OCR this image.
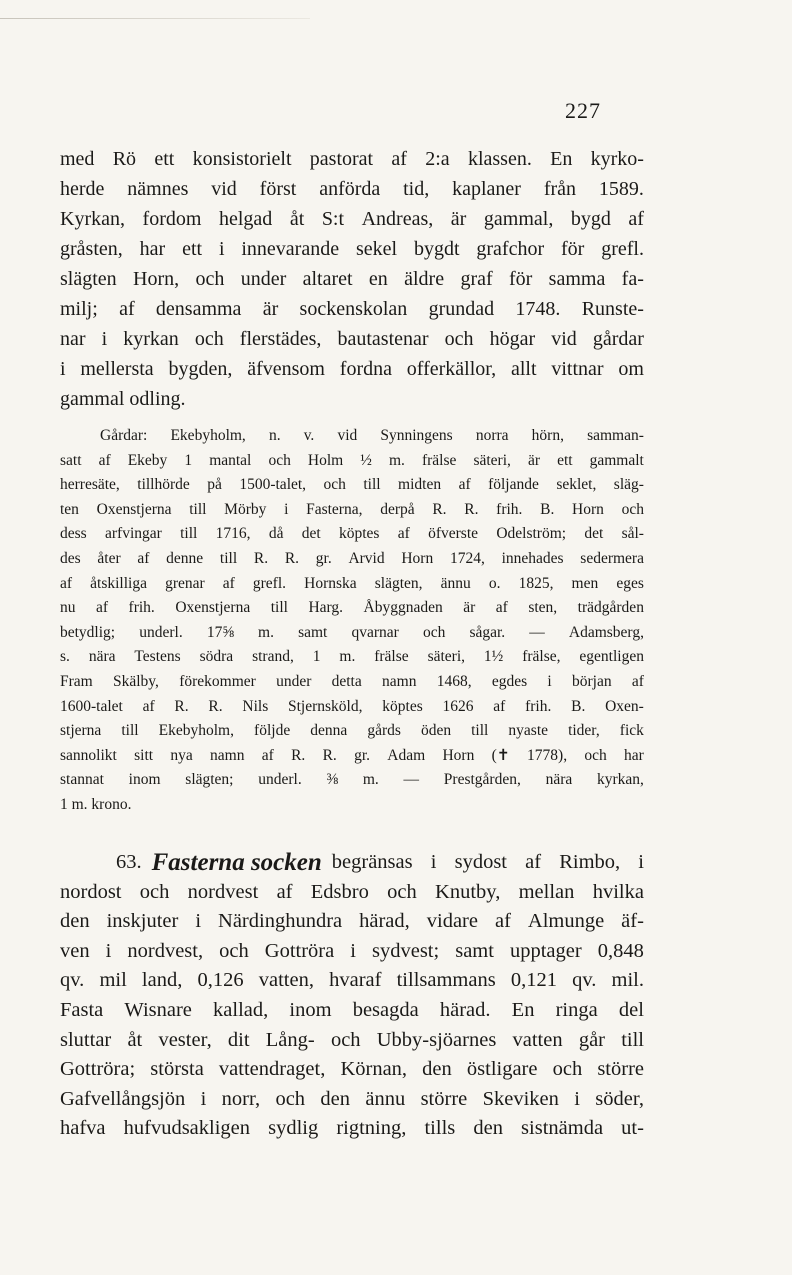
227
med Rö ett konsistorielt pastorat af 2:a klassen. En kyrko-
herde nämnes vid först anförda tid, kaplaner från 1589.
Kyrkan, fordom helgad åt S:t Andreas, är gammal, bygd af
gråsten, har ett i innevarande sekel bygdt grafchor för grefl.
slägten Horn, och under altaret en äldre graf för samma fa-
milj; af densamma är sockenskolan grundad 1748. Runste-
nar i kyrkan och flerstädes, bautastenar och högar vid gårdar
i mellersta bygden, äfvensom fordna offerkällor, allt vittnar om
gammal odling.
Gårdar: Ekebyholm, n. v. vid Synningens norra hörn, samman-
satt af Ekeby 1 mantal och Holm ½ m. frälse säteri, är ett gammalt
herresäte, tillhörde på 1500-talet, och till midten af följande seklet, släg-
ten Oxenstjerna till Mörby i Fasterna, derpå R. R. frih. B. Horn och
dess arfvingar till 1716, då det köptes af öfverste Odelström; det sål-
des åter af denne till R. R. gr. Arvid Horn 1724, innehades sedermera
af åtskilliga grenar af grefl. Hornska slägten, ännu o. 1825, men eges
nu af frih. Oxenstjerna till Harg. Åbyggnaden är af sten, trädgården
betydlig; underl. 17⅝ m. samt qvarnar och sågar. — Adamsberg,
s. nära Testens södra strand, 1 m. frälse säteri, 1½ frälse, egentligen
Fram Skälby, förekommer under detta namn 1468, egdes i början af
1600-talet af R. R. Nils Stjernsköld, köptes 1626 af frih. B. Oxen-
stjerna till Ekebyholm, följde denna gårds öden till nyaste tider, fick
sannolikt sitt nya namn af R. R. gr. Adam Horn (✝ 1778), och har
stannat inom slägten; underl. ⅜ m. — Prestgården, nära kyrkan,
1 m. krono.
63. Fasterna socken begränsas i sydost af Rimbo, i
nordost och nordvest af Edsbro och Knutby, mellan hvilka
den inskjuter i Närdinghundra härad, vidare af Almunge äf-
ven i nordvest, och Gottröra i sydvest; samt upptager 0,848
qv. mil land, 0,126 vatten, hvaraf tillsammans 0,121 qv. mil.
Fasta Wisnare kallad, inom besagda härad. En ringa del
sluttar åt vester, dit Lång- och Ubby-sjöarnes vatten går till
Gottröra; största vattendraget, Körnan, den östligare och större
Gafvellångsjön i norr, och den ännu större Skeviken i söder,
hafva hufvudsakligen sydlig rigtning, tills den sistnämda ut-
